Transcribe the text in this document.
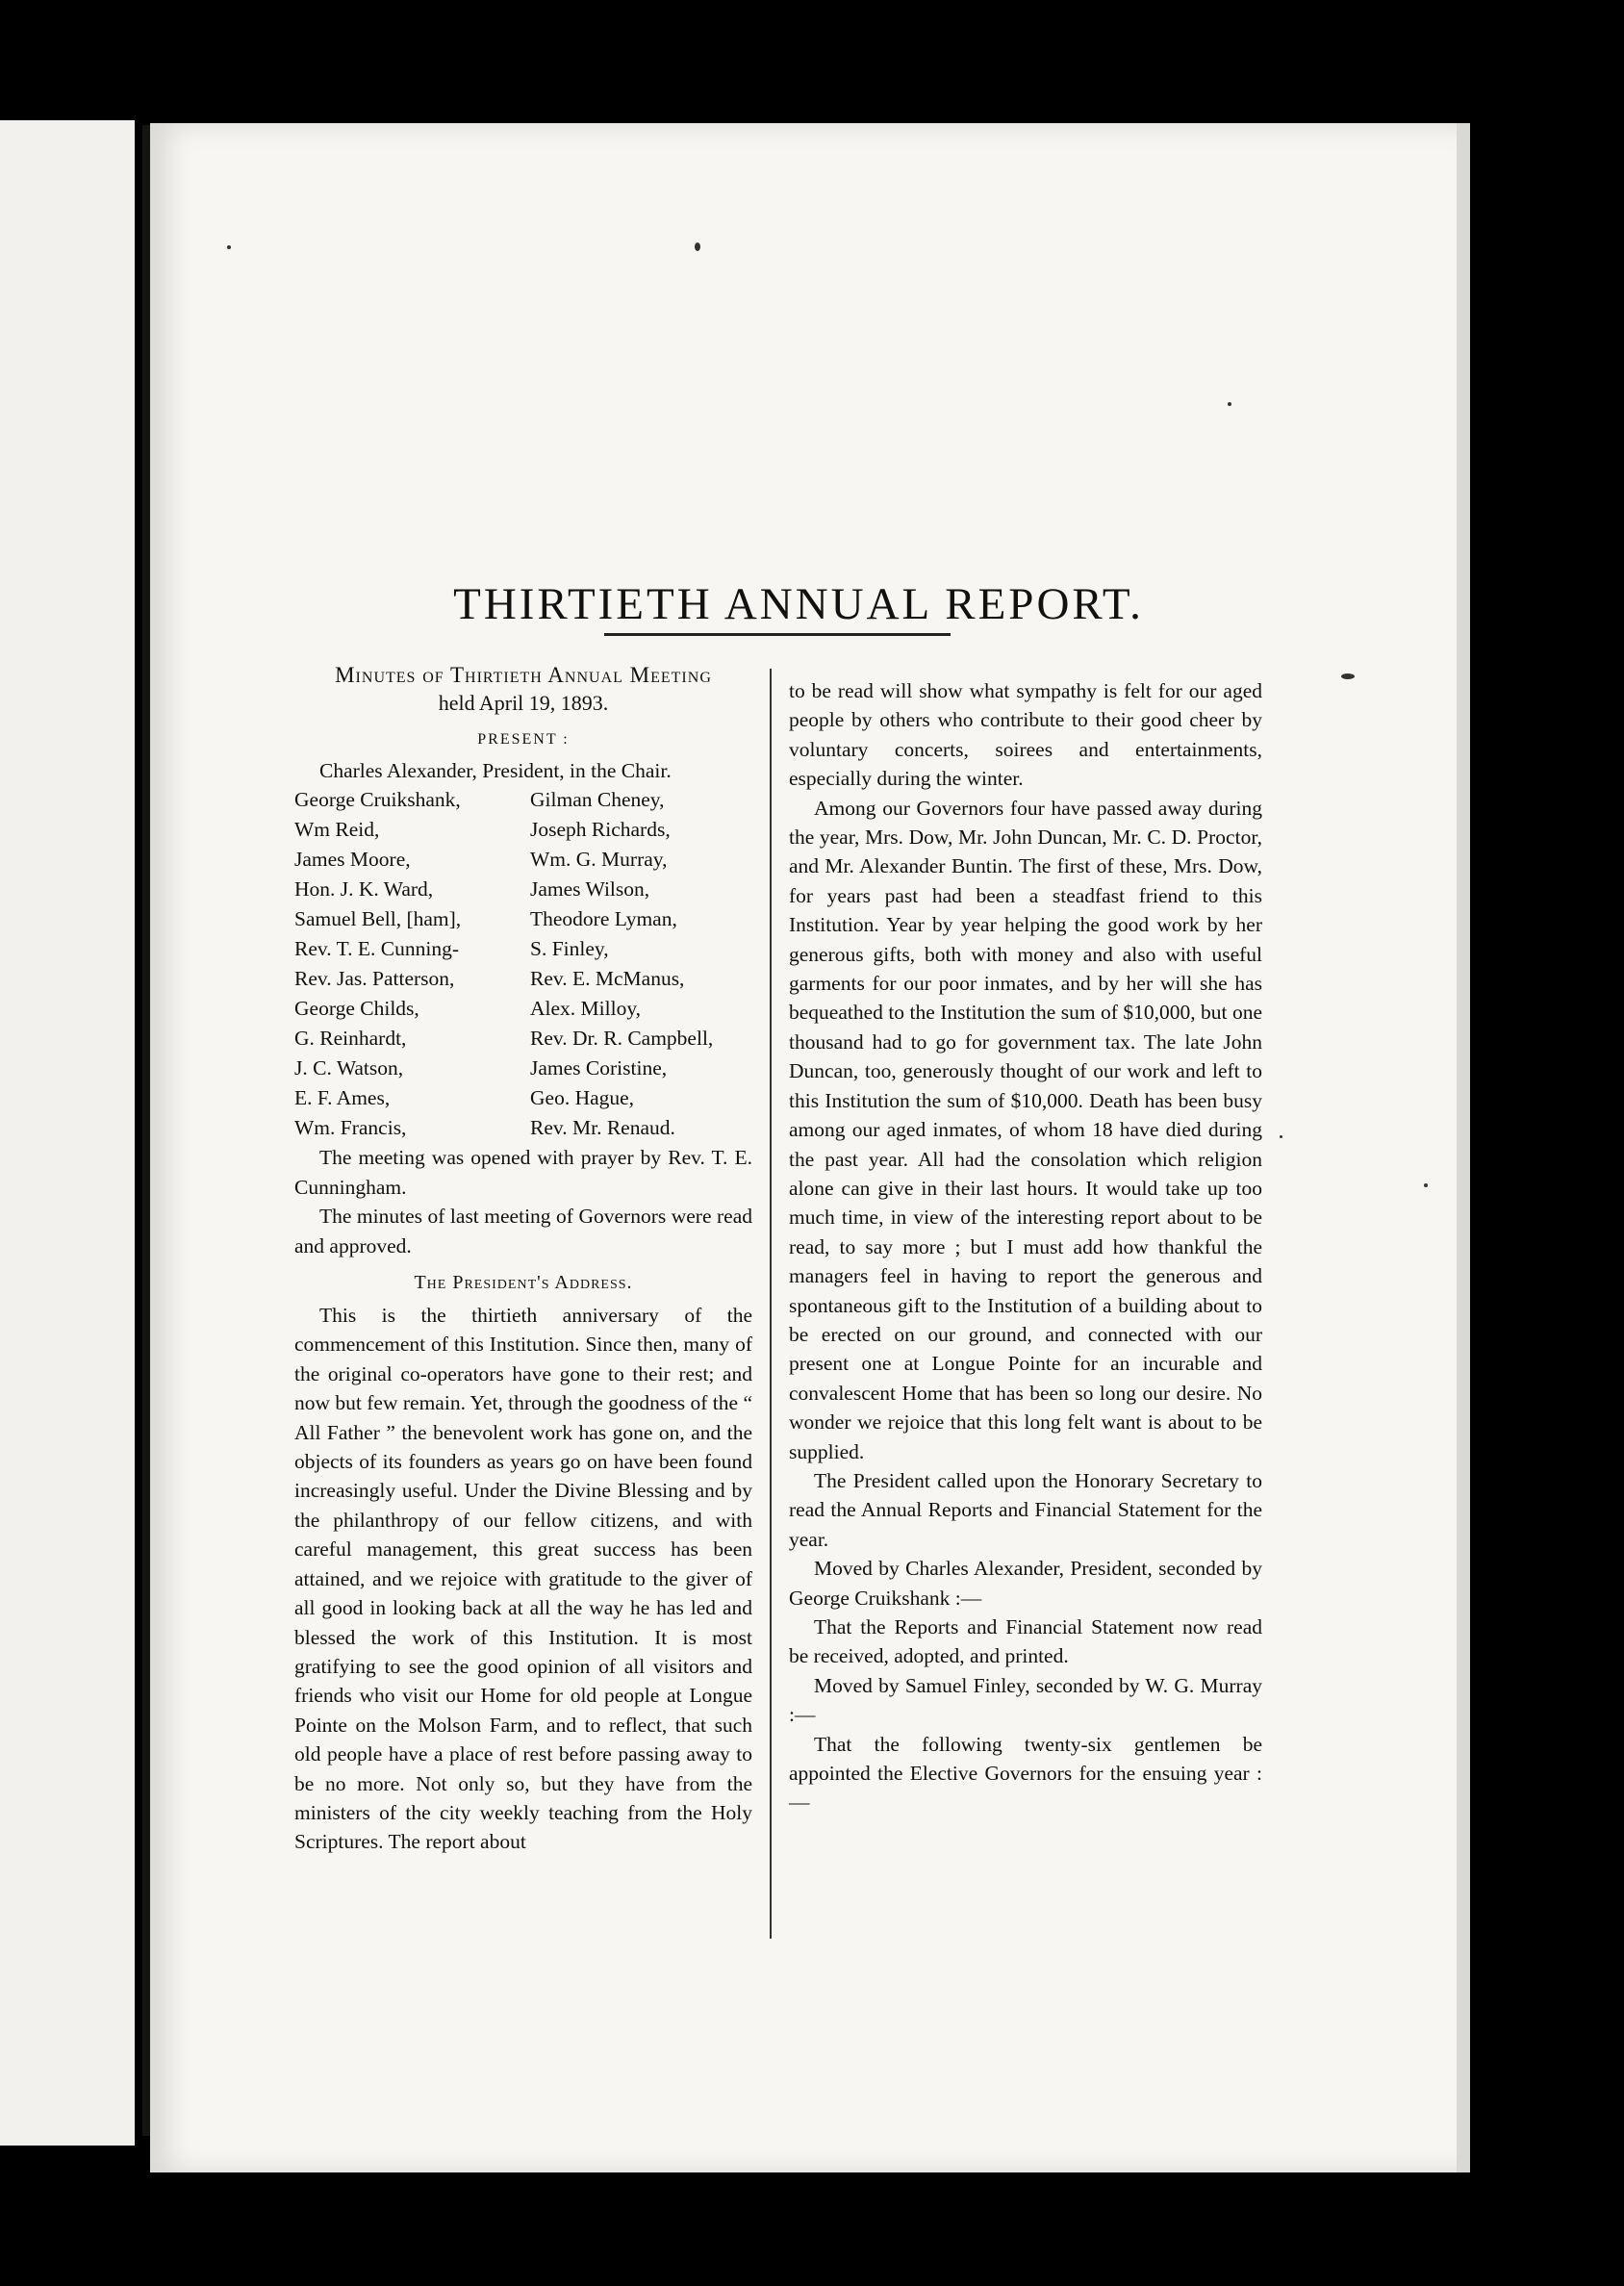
THIRTIETH ANNUAL REPORT.
Minutes of Thirtieth Annual Meeting
held April 19, 1893.
PRESENT :
Charles Alexander, President, in the Chair.
George Cruikshank,
Wm Reid,
James Moore,
Hon. J. K. Ward,
Samuel Bell, [ham],
Rev. T. E. Cunning-
Rev. Jas. Patterson,
George Childs,
G. Reinhardt,
J. C. Watson,
E. F. Ames,
Wm. Francis,
Gilman Cheney,
Joseph Richards,
Wm. G. Murray,
James Wilson,
Theodore Lyman,
S. Finley,
Rev. E. McManus,
Alex. Milloy,
Rev. Dr. R. Campbell,
James Coristine,
Geo. Hague,
Rev. Mr. Renaud.

The meeting was opened with prayer by Rev. T. E. Cunningham.

The minutes of last meeting of Governors were read and approved.

The President's Address.

This is the thirtieth anniversary of the commencement of this Institution. Since then, many of the original co-operators have gone to their rest; and now but few remain. Yet, through the goodness of the “ All Father ” the benevolent work has gone on, and the objects of its founders as years go on have been found increasingly useful. Under the Divine Blessing and by the philanthropy of our fellow citizens, and with careful management, this great success has been attained, and we rejoice with gratitude to the giver of all good in looking back at all the way he has led and blessed the work of this Institution. It is most gratifying to see the good opinion of all visitors and friends who visit our Home for old people at Longue Pointe on the Molson Farm, and to reflect, that such old people have a place of rest before passing away to be no more. Not only so, but they have from the ministers of the city weekly teaching from the Holy Scriptures. The report about

to be read will show what sympathy is felt for our aged people by others who contribute to their good cheer by voluntary concerts, soirees and entertainments, especially during the winter.

Among our Governors four have passed away during the year, Mrs. Dow, Mr. John Duncan, Mr. C. D. Proctor, and Mr. Alexander Buntin. The first of these, Mrs. Dow, for years past had been a steadfast friend to this Institution. Year by year helping the good work by her generous gifts, both with money and also with useful garments for our poor inmates, and by her will she has bequeathed to the Institution the sum of $10,000, but one thousand had to go for government tax. The late John Duncan, too, generously thought of our work and left to this Institution the sum of $10,000. Death has been busy among our aged inmates, of whom 18 have died during the past year. All had the consolation which religion alone can give in their last hours. It would take up too much time, in view of the interesting report about to be read, to say more ; but I must add how thankful the managers feel in having to report the generous and spontaneous gift to the Institution of a building about to be erected on our ground, and connected with our present one at Longue Pointe for an incurable and convalescent Home that has been so long our desire. No wonder we rejoice that this long felt want is about to be supplied.

The President called upon the Honorary Secretary to read the Annual Reports and Financial Statement for the year.

Moved by Charles Alexander, President, seconded by George Cruikshank :—

That the Reports and Financial Statement now read be received, adopted, and printed.

Moved by Samuel Finley, seconded by W. G. Murray :—

That the following twenty-six gentlemen be appointed the Elective Governors for the ensuing year :—
